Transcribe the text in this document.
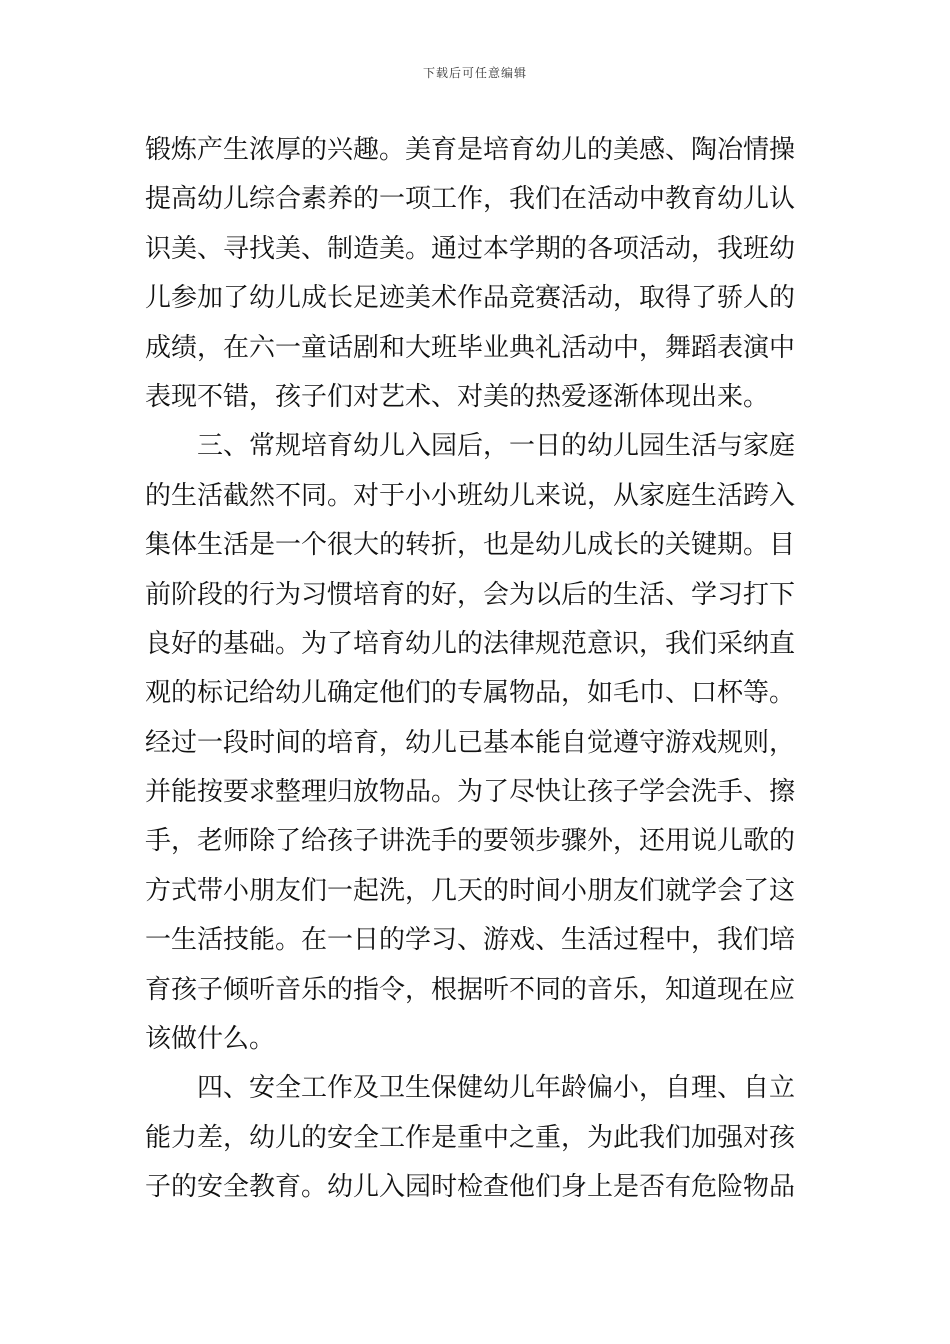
下载后可任意编辑
锻炼产生浓厚的兴趣。美育是培育幼儿的美感、陶冶情操
提高幼儿综合素养的一项工作，我们在活动中教育幼儿认
识美、寻找美、制造美。通过本学期的各项活动，我班幼
儿参加了幼儿成长足迹美术作品竞赛活动，取得了骄人的
成绩，在六一童话剧和大班毕业典礼活动中，舞蹈表演中
表现不错，孩子们对艺术、对美的热爱逐渐体现出来。
三、常规培育幼儿入园后，一日的幼儿园生活与家庭
的生活截然不同。对于小小班幼儿来说，从家庭生活跨入
集体生活是一个很大的转折，也是幼儿成长的关键期。目
前阶段的行为习惯培育的好，会为以后的生活、学习打下
良好的基础。为了培育幼儿的法律规范意识，我们采纳直
观的标记给幼儿确定他们的专属物品，如毛巾、口杯等。
经过一段时间的培育，幼儿已基本能自觉遵守游戏规则，
并能按要求整理归放物品。为了尽快让孩子学会洗手、擦
手，老师除了给孩子讲洗手的要领步骤外，还用说儿歌的
方式带小朋友们一起洗，几天的时间小朋友们就学会了这
一生活技能。在一日的学习、游戏、生活过程中，我们培
育孩子倾听音乐的指令，根据听不同的音乐，知道现在应
该做什么。
四、安全工作及卫生保健幼儿年龄偏小，自理、自立
能力差，幼儿的安全工作是重中之重，为此我们加强对孩
子的安全教育。幼儿入园时检查他们身上是否有危险物品
